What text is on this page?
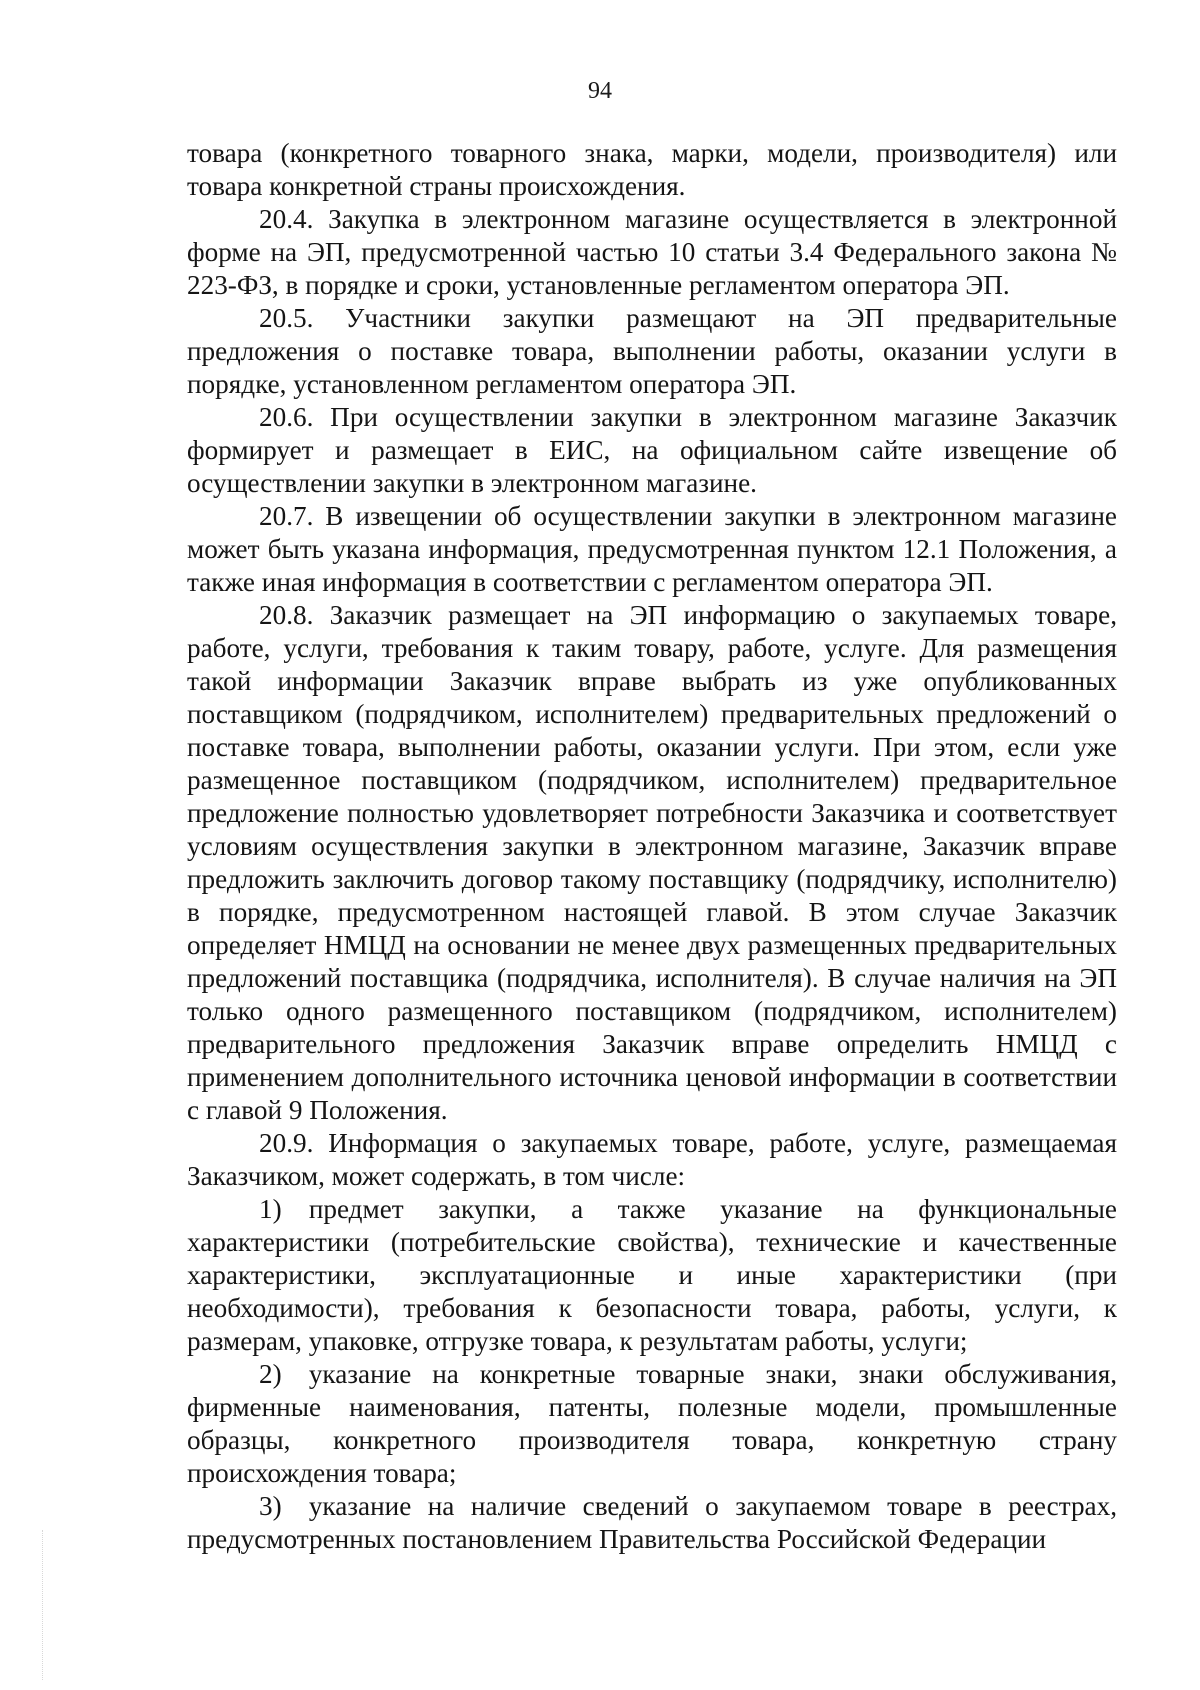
94

товара (конкретного товарного знака, марки, модели, производителя) или товара конкретной страны происхождения.

20.4. Закупка в электронном магазине осуществляется в электронной форме на ЭП, предусмотренной частью 10 статьи 3.4 Федерального закона № 223-ФЗ, в порядке и сроки, установленные регламентом оператора ЭП.

20.5. Участники закупки размещают на ЭП предварительные предложения о поставке товара, выполнении работы, оказании услуги в порядке, установленном регламентом оператора ЭП.

20.6. При осуществлении закупки в электронном магазине Заказчик формирует и размещает в ЕИС, на официальном сайте извещение об осуществлении закупки в электронном магазине.

20.7. В извещении об осуществлении закупки в электронном магазине может быть указана информация, предусмотренная пунктом 12.1 Положения, а также иная информация в соответствии с регламентом оператора ЭП.

20.8. Заказчик размещает на ЭП информацию о закупаемых товаре, работе, услуги, требования к таким товару, работе, услуге. Для размещения такой информации Заказчик вправе выбрать из уже опубликованных поставщиком (подрядчиком, исполнителем) предварительных предложений о поставке товара, выполнении работы, оказании услуги. При этом, если уже размещенное поставщиком (подрядчиком, исполнителем) предварительное предложение полностью удовлетворяет потребности Заказчика и соответствует условиям осуществления закупки в электронном магазине, Заказчик вправе предложить заключить договор такому поставщику (подрядчику, исполнителю) в порядке, предусмотренном настоящей главой. В этом случае Заказчик определяет НМЦД на основании не менее двух размещенных предварительных предложений поставщика (подрядчика, исполнителя). В случае наличия на ЭП только одного размещенного поставщиком (подрядчиком, исполнителем) предварительного предложения Заказчик вправе определить НМЦД с применением дополнительного источника ценовой информации в соответствии с главой 9 Положения.

20.9. Информация о закупаемых товаре, работе, услуге, размещаемая Заказчиком, может содержать, в том числе:

1) предмет закупки, а также указание на функциональные характеристики (потребительские свойства), технические и качественные характеристики, эксплуатационные и иные характеристики (при необходимости), требования к безопасности товара, работы, услуги, к размерам, упаковке, отгрузке товара, к результатам работы, услуги;

2) указание на конкретные товарные знаки, знаки обслуживания, фирменные наименования, патенты, полезные модели, промышленные образцы, конкретного производителя товара, конкретную страну происхождения товара;

3) указание на наличие сведений о закупаемом товаре в реестрах, предусмотренных постановлением Правительства Российской Федерации
